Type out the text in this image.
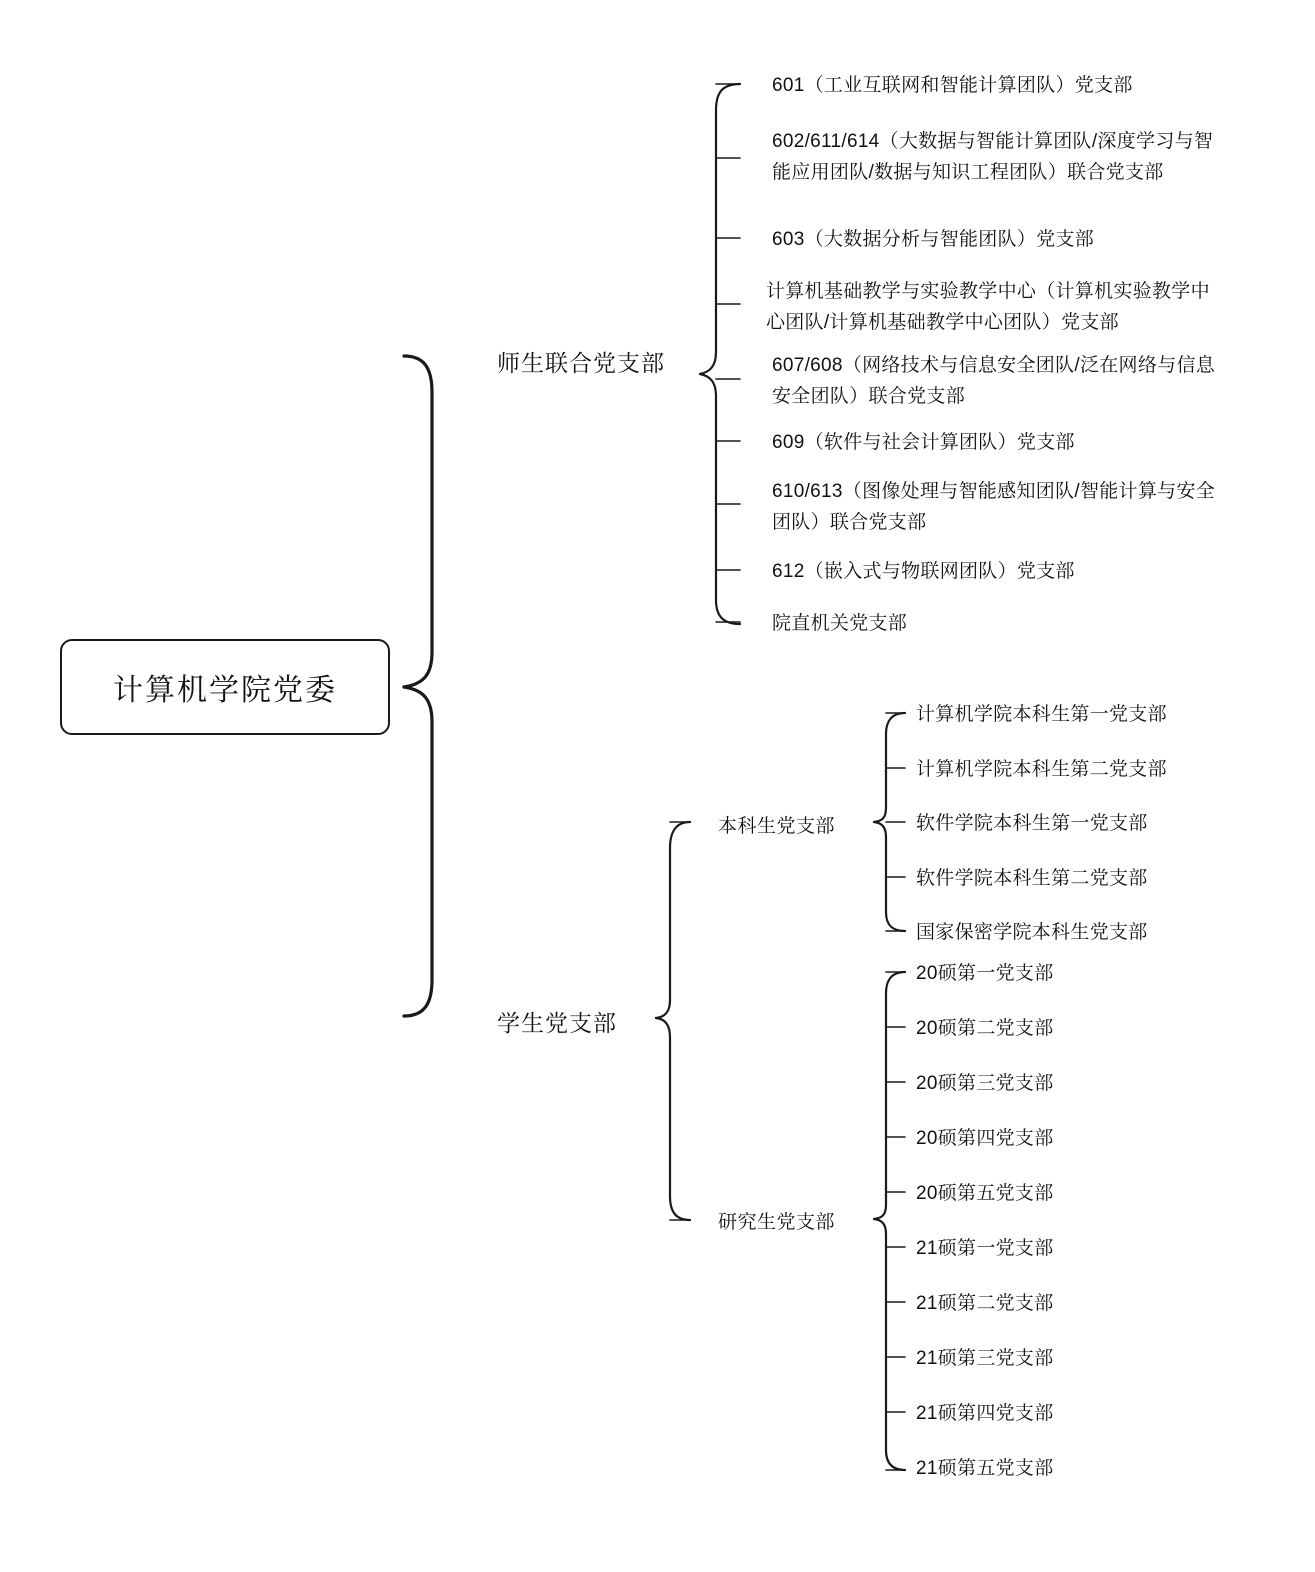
计算机学院党委
师生联合党支部
学生党支部
本科生党支部
研究生党支部
601（工业互联网和智能计算团队）党支部
602/611/614（大数据与智能计算团队/深度学习与智能应用团队/数据与知识工程团队）联合党支部
603（大数据分析与智能团队）党支部
计算机基础教学与实验教学中心（计算机实验教学中心团队/计算机基础教学中心团队）党支部
607/608（网络技术与信息安全团队/泛在网络与信息安全团队）联合党支部
609（软件与社会计算团队）党支部
610/613（图像处理与智能感知团队/智能计算与安全团队）联合党支部
612（嵌入式与物联网团队）党支部
院直机关党支部
计算机学院本科生第一党支部
计算机学院本科生第二党支部
软件学院本科生第一党支部
软件学院本科生第二党支部
国家保密学院本科生党支部
20硕第一党支部
20硕第二党支部
20硕第三党支部
20硕第四党支部
20硕第五党支部
21硕第一党支部
21硕第二党支部
21硕第三党支部
21硕第四党支部
21硕第五党支部
